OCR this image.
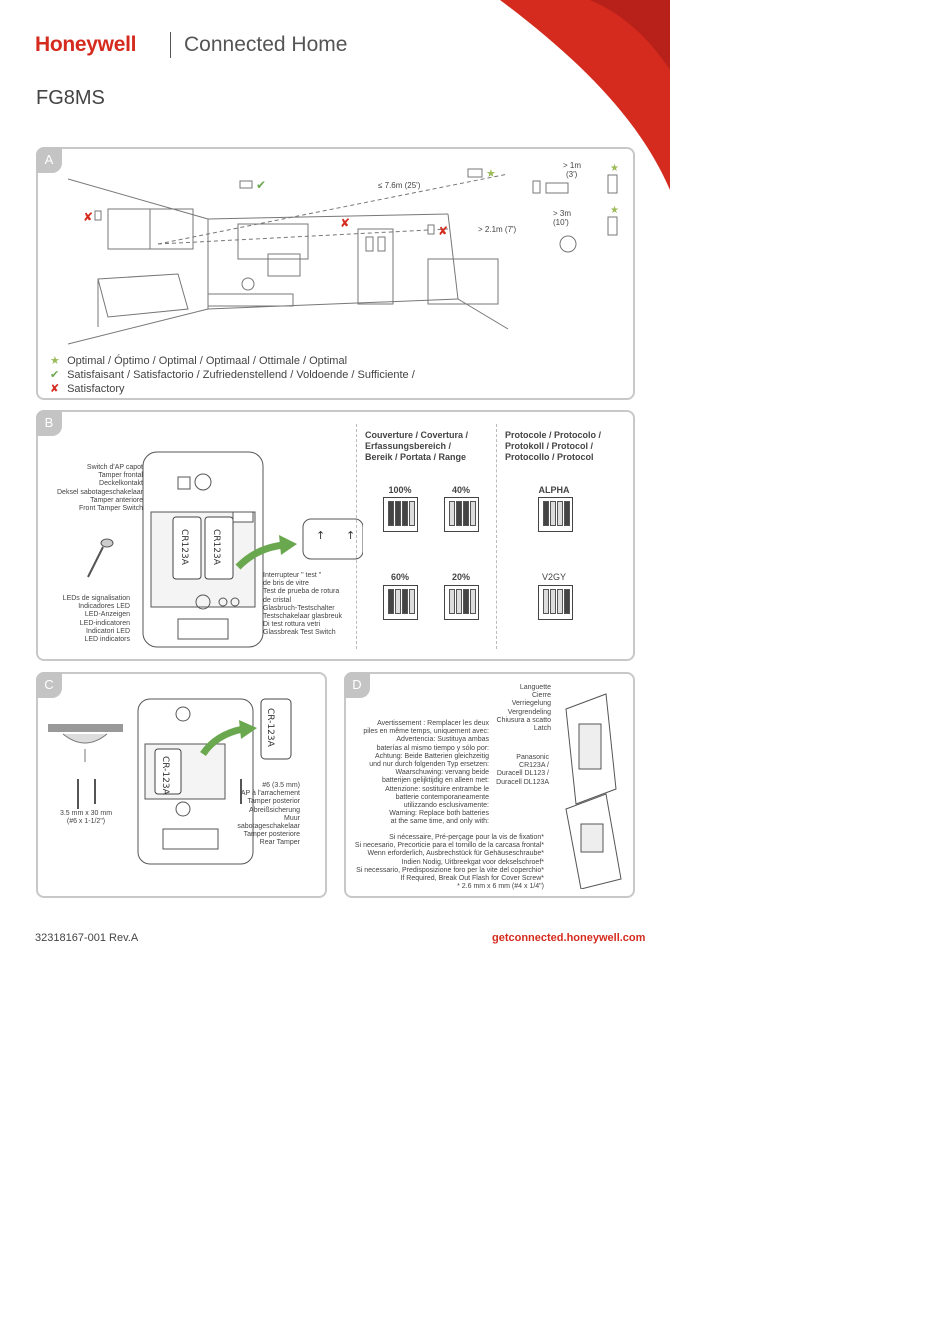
Honeywell Connected Home
FG8MS
A
✔
★
✘	✘
✘
★
★
≤ 7.6m (25')
> 2.1m (7')
> 1m
(3')
> 3m
(10')
★ Optimal / Óptimo / Optimal / Optimaal / Ottimale / Optimal
✔ Satisfaisant / Satisfactorio / Zufriedenstellend / Voldoende / Sufficiente /
✘ Satisfactory
B
Switch d'AP capot
Tamper frontal
Deckelkontakt
Deksel sabotageschakelaar
Tamper anteriore
Front Tamper Switch
LEDs de signalisation
Indicadores LED
LED-Anzeigen
LED-indicatoren
Indicatori LED
LED indicators
CR123A CR123A	↑ ↑
Interrupteur " test "
de bris de vitre
Test de prueba de rotura
de cristal
Glasbruch-Testschalter
Testschakelaar glasbreuk
Di test rottura vetri
Glassbreak Test Switch
Couverture / Covertura /
Erfassungsbereich /
Bereik / Portata / Range
Protocole / Protocolo /
Protokoll / Protocol /
Protocollo / Protocol
100%	40%
60%	20%
ALPHA
V2GY
C
CR-123A
CR-123A
3.5 mm x 30 mm
(#6 x 1-1/2")
#6 (3.5 mm)
AP à l'arrachement
Tamper posterior
Abreißsicherung
Muur
sabotageschakelaar
Tamper posteriore
Rear Tamper
D	Languette
Cierre
Verriegelung
Vergrendeling
Chiusura a scatto
Latch
Avertissement : Remplacer les deux
piles en même temps, uniquement avec:
Advertencia: Sustituya ambas
baterías al mismo tiempo y sólo por:
Achtung: Beide Batterien gleichzeitig
und nur durch folgenden Typ ersetzen:
Waarschuwing: vervang beide
batterijen gelijktijdig en alleen met:
Attenzione: sostituire entrambe le
batterie contemporaneamente
utilizzando esclusivamente:
Warning: Replace both batteries
at the same time, and only with:
Panasonic CR123A /
Duracell DL123 /
Duracell DL123A
Si nécessaire, Pré-perçage pour la vis de fixation*
Si necesario, Precorticie para el tornillo de la carcasa frontal*
Wenn erforderlich, Ausbrechstück für Gehäuseschraube*
Indien Nodig, Uitbreekgat voor dekselschroef*
Si necessario, Predisposizione foro per la vite del coperchio*
If Required, Break Out Flash for Cover Screw*
* 2.6 mm x 6 mm (#4 x 1/4")
32318167-001 Rev.A	getconnected.honeywell.com
